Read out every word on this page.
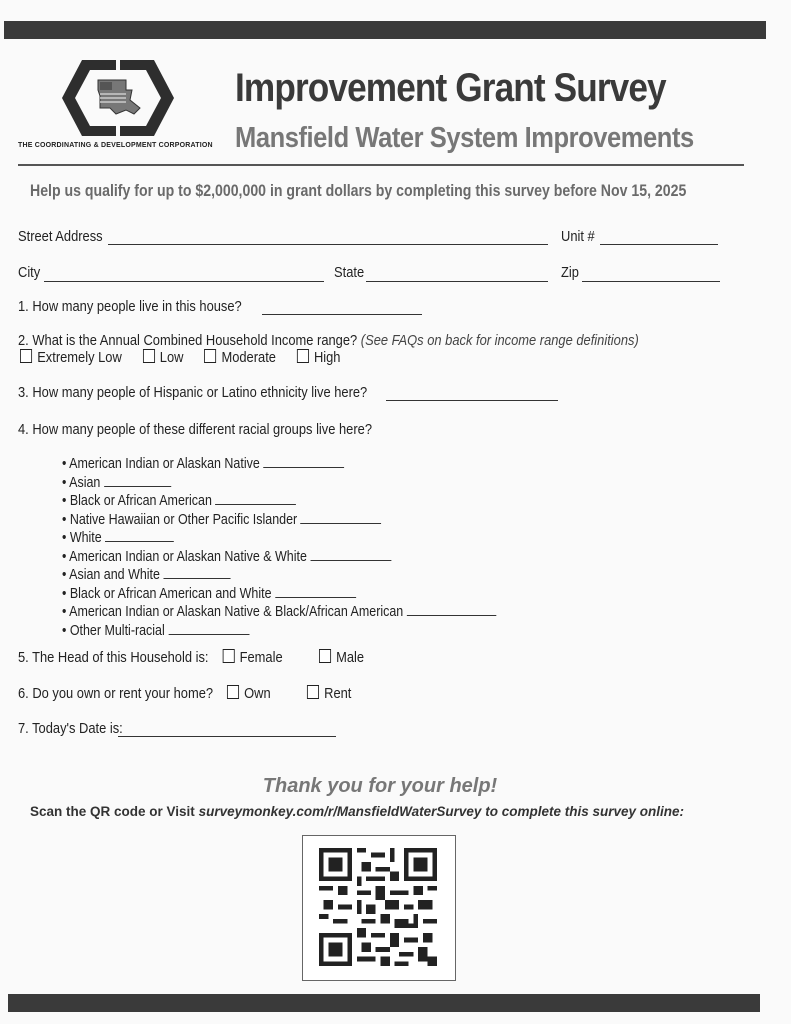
THE COORDINATING & DEVELOPMENT CORPORATION
Improvement Grant Survey
Mansfield Water System Improvements
Help us qualify for up to $2,000,000 in grant dollars by completing this survey before Nov 15, 2025
Street Address	Unit #
City	State	Zip
1. How many people live in this house?
2. What is the Annual Combined Household Income range? (See FAQs on back for income range definitions)
Extremely Low	Low	Moderate	High
3. How many people of Hispanic or Latino ethnicity live here?
4. How many people of these different racial groups live here?
• American Indian or Alaskan Native
• Asian
• Black or African American
• Native Hawaiian or Other Pacific Islander
• White
• American Indian or Alaskan Native & White
• Asian and White
• Black or African American and White
• American Indian or Alaskan Native & Black/African American
• Other Multi-racial
5. The Head of this Household is: Female	Male
6. Do you own or rent your home? Own	Rent
7. Today's Date is:
Thank you for your help!
Scan the QR code or Visit surveymonkey.com/r/MansfieldWaterSurvey to complete this survey online:
